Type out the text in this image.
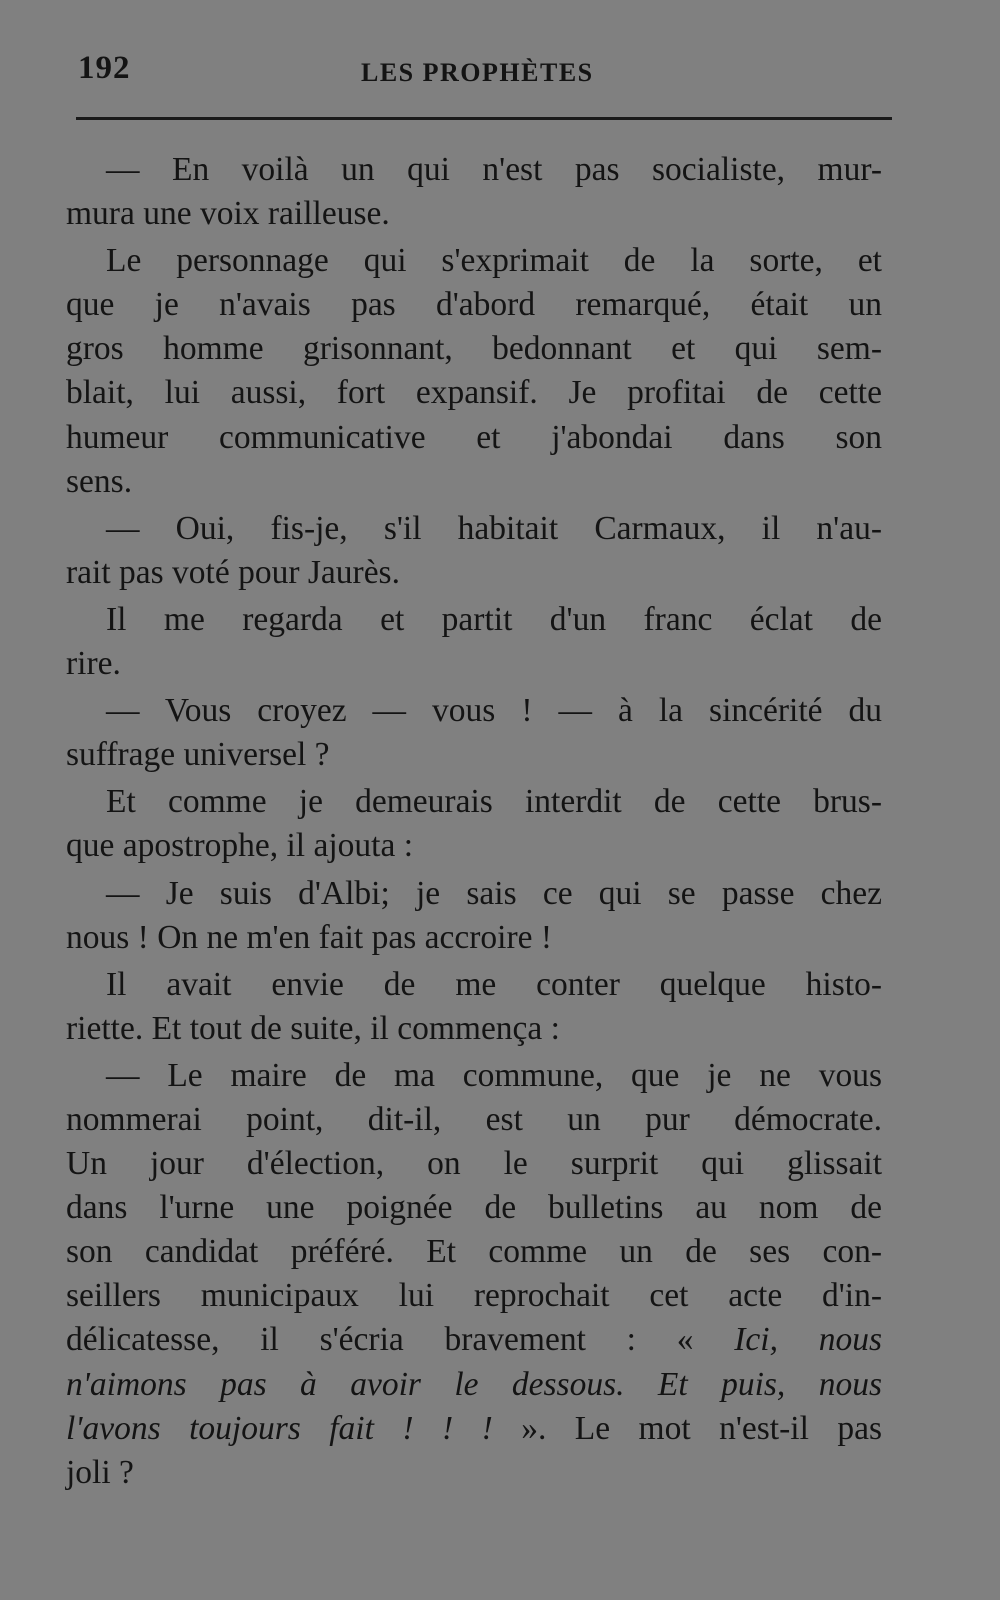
192	LES PROPHÈTES
— En voilà un qui n'est pas socialiste, mur-
mura une voix railleuse.
Le personnage qui s'exprimait de la sorte, et
que je n'avais pas d'abord remarqué, était un
gros homme grisonnant, bedonnant et qui sem-
blait, lui aussi, fort expansif. Je profitai de cette
humeur communicative et j'abondai dans son
sens.
— Oui, fis-je, s'il habitait Carmaux, il n'au-
rait pas voté pour Jaurès.
Il me regarda et partit d'un franc éclat de
rire.
— Vous croyez — vous ! — à la sincérité du
suffrage universel ?
Et comme je demeurais interdit de cette brus-
que apostrophe, il ajouta :
— Je suis d'Albi; je sais ce qui se passe chez
nous ! On ne m'en fait pas accroire !
Il avait envie de me conter quelque histo-
riette. Et tout de suite, il commença :
— Le maire de ma commune, que je ne vous
nommerai point, dit-il, est un pur démocrate.
Un jour d'élection, on le surprit qui glissait
dans l'urne une poignée de bulletins au nom de
son candidat préféré. Et comme un de ses con-
seillers municipaux lui reprochait cet acte d'in-
délicatesse, il s'écria bravement : « Ici, nous
n'aimons pas à avoir le dessous. Et puis, nous
l'avons toujours fait ! ! ! ». Le mot n'est-il pas
joli ?
